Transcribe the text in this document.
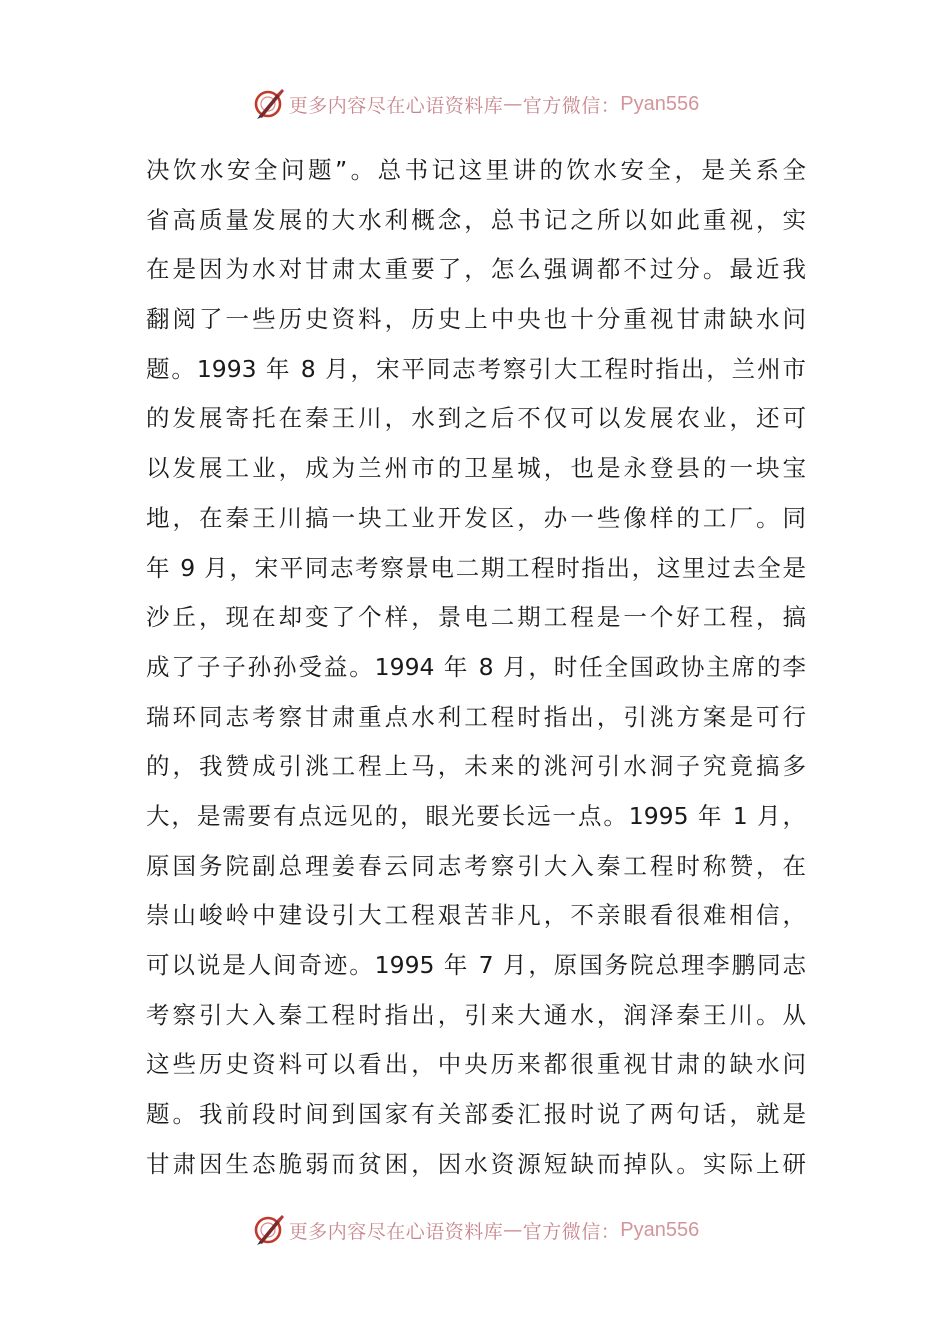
更多内容尽在心语资料库 — 官方微信： Pyan556
决饮水安全问题”。总书记这里讲的饮水安全，是关系全
省高质量发展的大水利概念，总书记之所以如此重视，实
在是因为水对甘肃太重要了，怎么强调都不过分。最近我
翻阅了一些历史资料，历史上中央也十分重视甘肃缺水问
题。1993 年 8 月，宋平同志考察引大工程时指出，兰州市
的发展寄托在秦王川，水到之后不仅可以发展农业，还可
以发展工业，成为兰州市的卫星城，也是永登县的一块宝
地，在秦王川搞一块工业开发区，办一些像样的工厂。同
年 9 月，宋平同志考察景电二期工程时指出，这里过去全是
沙丘，现在却变了个样，景电二期工程是一个好工程，搞
成了子子孙孙受益。1994 年 8 月，时任全国政协主席的李
瑞环同志考察甘肃重点水利工程时指出，引洮方案是可行
的，我赞成引洮工程上马，未来的洮河引水洞子究竟搞多
大，是需要有点远见的，眼光要长远一点。1995 年 1 月，
原国务院副总理姜春云同志考察引大入秦工程时称赞，在
崇山峻岭中建设引大工程艰苦非凡，不亲眼看很难相信，
可以说是人间奇迹。1995 年 7 月，原国务院总理李鹏同志
考察引大入秦工程时指出，引来大通水，润泽秦王川。从
这些历史资料可以看出，中央历来都很重视甘肃的缺水问
题。我前段时间到国家有关部委汇报时说了两句话，就是
甘肃因生态脆弱而贫困，因水资源短缺而掉队。实际上研
更多内容尽在心语资料库 — 官方微信： Pyan556
